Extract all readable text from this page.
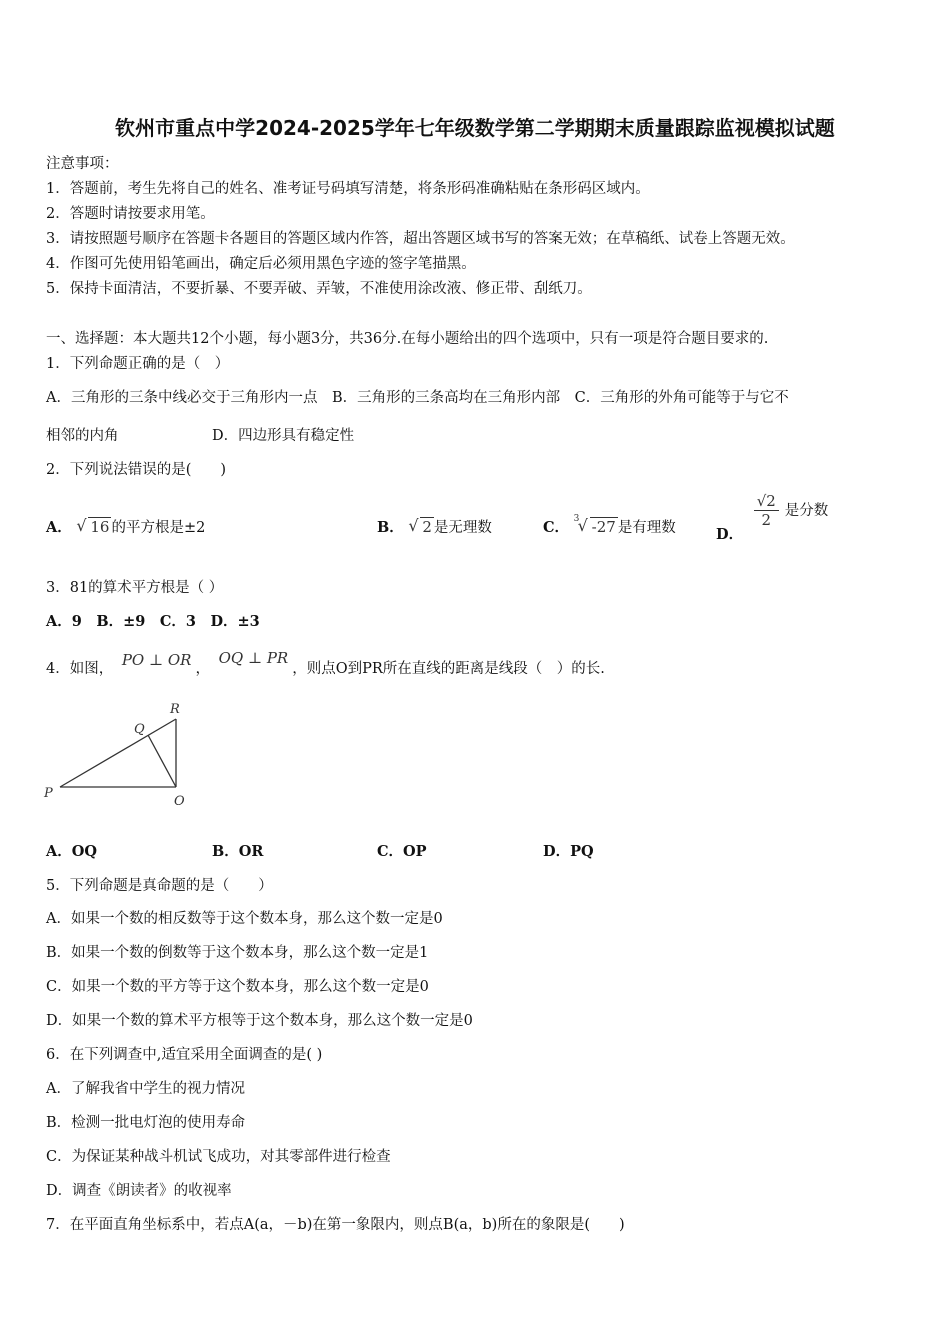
钦州市重点中学2024-2025学年七年级数学第二学期期末质量跟踪监视模拟试题
注意事项：
1．答题前，考生先将自己的姓名、准考证号码填写清楚，将条形码准确粘贴在条形码区域内。
2．答题时请按要求用笔。
3．请按照题号顺序在答题卡各题目的答题区域内作答，超出答题区域书写的答案无效；在草稿纸、试卷上答题无效。
4．作图可先使用铅笔画出，确定后必须用黑色字迹的签字笔描黑。
5．保持卡面清洁，不要折暴、不要弄破、弄皱，不准使用涂改液、修正带、刮纸刀。
一、选择题：本大题共12个小题，每小题3分，共36分.在每小题给出的四个选项中，只有一项是符合题目要求的.
1．下列命题正确的是（　）
A．三角形的三条中线必交于三角形内一点　B．三角形的三条高均在三角形内部　C．三角形的外角可能等于与它不
相邻的内角	D．四边形具有稳定性
2．下列说法错误的是(　　)
A． √ 16 的平方根是±2	B． √ 2 是无理数	C． 3
√ -27 是有理数	D．
$\frac{√2}{2}$ 是分数
3．81的算术平方根是（ ）
A．9　B．±9　C．3　D．±3
4．如图， PO ⊥ OR ， OQ ⊥ PR，则点O到PR所在直线的距离是线段（　）的长.
Q
R
P
O
A．OQ	B．OR	C．OP	D．PQ
5．下列命题是真命题的是（　　）
A．如果一个数的相反数等于这个数本身，那么这个数一定是0
B．如果一个数的倒数等于这个数本身，那么这个数一定是1
C．如果一个数的平方等于这个数本身，那么这个数一定是0
D．如果一个数的算术平方根等于这个数本身，那么这个数一定是0
6．在下列调查中,适宜采用全面调查的是( )
A．了解我省中学生的视力情况
B．检测一批电灯泡的使用寿命
C．为保证某种战斗机试飞成功，对其零部件进行检查
D．调查《朗读者》的收视率
7．在平面直角坐标系中，若点A(a，－b)在第一象限内，则点B(a，b)所在的象限是(　　)
